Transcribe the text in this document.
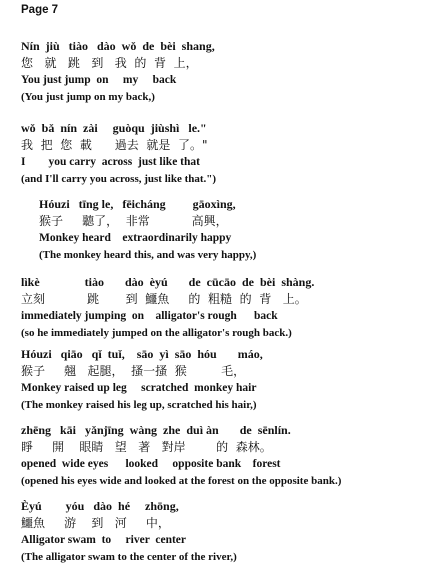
Page 7
Nín  jiù   tiào   dào  wǒ  de  bèi  shang,
您   就   跳   到   我  的  背  上，
You just jump  on     my     back
(You just jump on my back,)
wǒ  bǎ  nín  zài     guòqu  jiùshì   le."
我  把  您  載      過去  就是  了。"
I        you carry  across  just like that
(and I'll carry you across, just like that.")
Hóuzi   tīng le,   fēicháng         gāoxìng,
猴子     聽了，  非常           高興，
Monkey heard    extraordinarily happy
(The monkey heard this, and was very happy,)
lìkè               tiào       dào  èyú       de  cūcāo  de  bèi  shàng.
立刻           跳       到  鱷魚     的  粗糙  的  背   上。
immediately jumping  on    alligator's rough      back
(so he immediately jumped on the alligator's rough back.)
Hóuzi   qiāo   qǐ  tuǐ,    sāo  yì  sāo  hóu       máo,
猴子     翹   起腿，  搔一搔  猴         毛，
Monkey raised up leg     scratched  monkey hair
(The monkey raised his leg up, scratched his hair,)
zhēng   kāi   yǎnjīng  wàng  zhe  duì àn       de  sēnlín.
睜     開    眼睛   望   著   對岸        的  森林。
opened  wide eyes      looked     opposite bank    forest
(opened his eyes wide and looked at the forest on the opposite bank.)
Èyú        yóu   dào  hé     zhōng,
鱷魚     游    到   河     中，
Alligator swam  to     river  center
(The alligator swam to the center of the river,)
